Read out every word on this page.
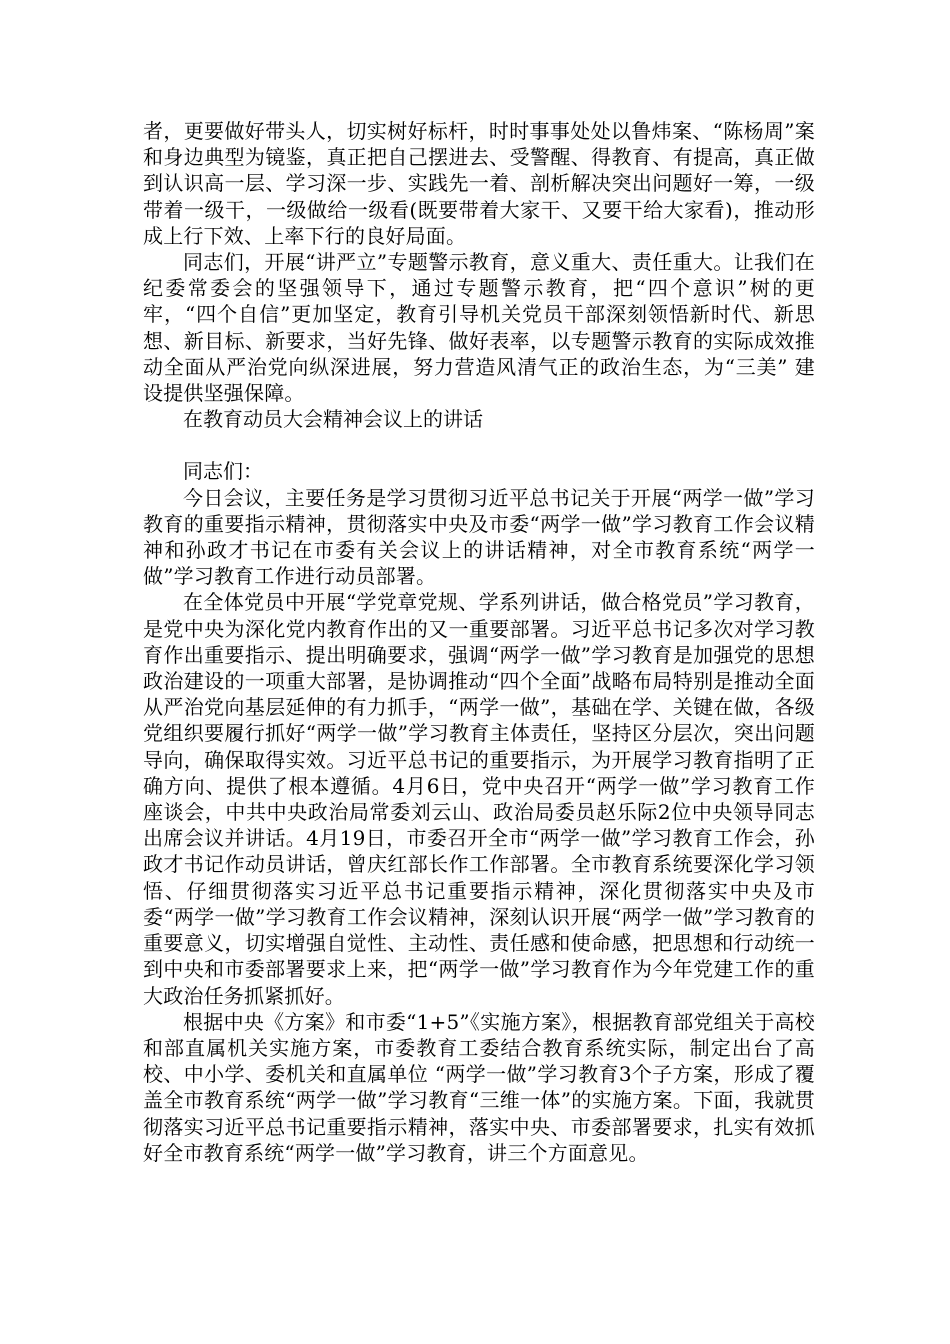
者，更要做好带头人，切实树好标杆，时时事事处处以鲁炜案、“陈杨周”案和身边典型为镜鉴，真正把自己摆进去、受警醒、得教育、有提高，真正做到认识高一层、学习深一步、实践先一着、剖析解决突出问题好一筹，一级带着一级干，一级做给一级看(既要带着大家干、又要干给大家看)，推动形成上行下效、上率下行的良好局面。

同志们，开展“讲严立”专题警示教育，意义重大、责任重大。让我们在纪委常委会的坚强领导下，通过专题警示教育，把“四个意识”树的更牢，“四个自信”更加坚定，教育引导机关党员干部深刻领悟新时代、新思想、新目标、新要求，当好先锋、做好表率，以专题警示教育的实际成效推动全面从严治党向纵深进展，努力营造风清气正的政治生态，为“三美” 建设提供坚强保障。

在教育动员大会精神会议上的讲话

同志们：

今日会议，主要任务是学习贯彻习近平总书记关于开展“两学一做”学习教育的重要指示精神，贯彻落实中央及市委“两学一做”学习教育工作会议精神和孙政才书记在市委有关会议上的讲话精神，对全市教育系统“两学一做”学习教育工作进行动员部署。

在全体党员中开展“学党章党规、学系列讲话，做合格党员”学习教育，是党中央为深化党内教育作出的又一重要部署。习近平总书记多次对学习教育作出重要指示、提出明确要求，强调“两学一做”学习教育是加强党的思想政治建设的一项重大部署，是协调推动“四个全面”战略布局特别是推动全面从严治党向基层延伸的有力抓手，“两学一做”，基础在学、关键在做，各级党组织要履行抓好“两学一做”学习教育主体责任，坚持区分层次，突出问题导向，确保取得实效。习近平总书记的重要指示，为开展学习教育指明了正确方向、提供了根本遵循。4月6日，党中央召开“两学一做”学习教育工作座谈会，中共中央政治局常委刘云山、政治局委员赵乐际2位中央领导同志出席会议并讲话。4月19日，市委召开全市“两学一做”学习教育工作会，孙政才书记作动员讲话，曾庆红部长作工作部署。全市教育系统要深化学习领悟、仔细贯彻落实习近平总书记重要指示精神，深化贯彻落实中央及市委“两学一做”学习教育工作会议精神，深刻认识开展“两学一做”学习教育的重要意义，切实增强自觉性、主动性、责任感和使命感，把思想和行动统一到中央和市委部署要求上来，把“两学一做”学习教育作为今年党建工作的重大政治任务抓紧抓好。

根据中央《方案》和市委“1+5”《实施方案》，根据教育部党组关于高校和部直属机关实施方案，市委教育工委结合教育系统实际，制定出台了高校、中小学、委机关和直属单位 “两学一做”学习教育3个子方案，形成了覆盖全市教育系统“两学一做”学习教育“三维一体”的实施方案。下面，我就贯彻落实习近平总书记重要指示精神，落实中央、市委部署要求，扎实有效抓好全市教育系统“两学一做”学习教育，讲三个方面意见。
